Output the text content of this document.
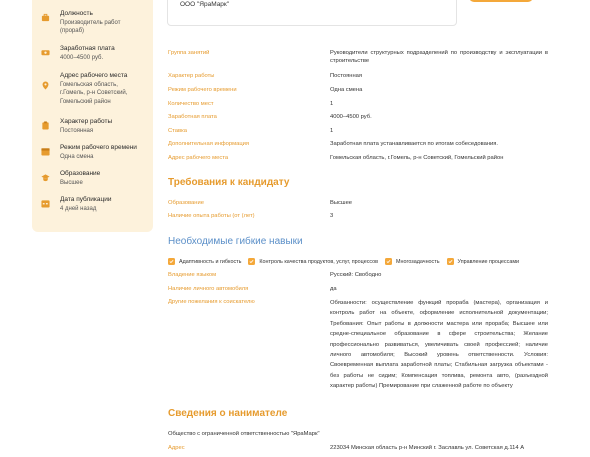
ООО "ЯраМарк"
Должность
Производитель работ (прораб)
Заработная плата
4000–4500 руб.
Адрес рабочего места
Гомельская область, г.Гомель, р-н Советский, Гомельский район
Характер работы
Постоянная
Режим рабочего времени
Одна смена
Образование
Высшее
Дата публикации
4 дней назад
Группа занятий	Руководители структурных подразделений по производству и эксплуатации в строительстве
Характер работы	Постоянная
Режим рабочего времени	Одна смена
Количество мест	1
Заработная плата	4000–4500 руб.
Ставка	1
Дополнительная информация	Заработная плата устанавливается по итогам собеседования.
Адрес рабочего места	Гомельская область, г.Гомель, р-н Советский, Гомельский район
Требования к кандидату
Образование	Высшее
Наличие опыта работы (от (лет)	3
Необходимые гибкие навыки
Адаптивность и гибкость	Контроль качества продуктов, услуг, процессов	Многозадачность	Управление процессами
Владение языком	Русский: Свободно
Наличие личного автомобиля	да
Другие пожелания к соискателю	Обязанности: осуществление функций прораба (мастера), организация и контроль работ на объекте, оформление исполнительной документации; Требования: Опыт работы в должности мастера или прораба; Высшее или средне-специальное образование в сфере строительства; Желание профессионально развиваться, увеличивать своей профессией; наличие личного автомобиля; Высокий уровень ответственности. Условия: Своевременная выплата заработной платы; Стабильная загрузка объектами - без работы не сидим; Компенсация топлива, ремонта авто, (разъездной характер работы) Премирование при слаженной работе по объекту
Сведения о нанимателе
Общество с ограниченной ответственностью "ЯраМарк"
Адрес	223034 Минская область р-н Минский г. Заславль ул. Советская д.114 А
